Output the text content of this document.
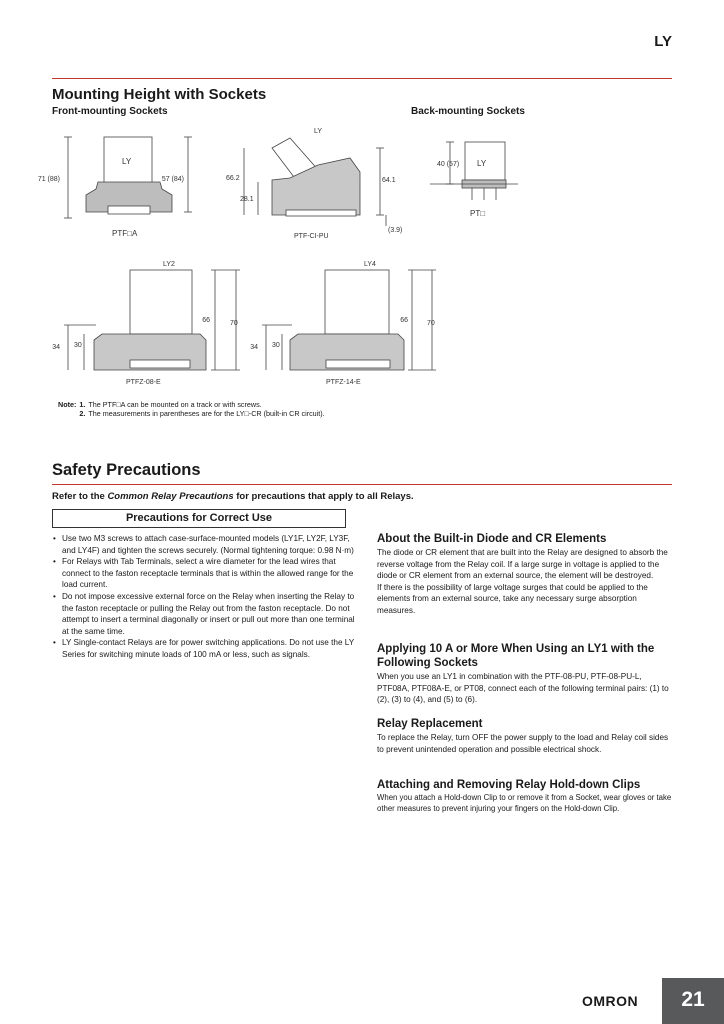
LY
Mounting Height with Sockets
Front-mounting Sockets	Back-mounting Sockets
LY
71 (88)	57 (84)
PTF□A
LY
66.2
28.1
64.1
(3.9)
PTF-CI-PU
LY
40 (57)
PT□
LY2
66	70
34 30
PTFZ-08-E
LY4
66	70
34 30
PTFZ-14-E
Note:	1.	The PTF□A can be mounted on a track or with screws.
	2.	The measurements in parentheses are for the LY□-CR (built-in CR circuit).
Safety Precautions
Refer to the Common Relay Precautions for precautions that apply to all Relays.
Precautions for Correct Use
• Use two M3 screws to attach case-surface-mounted models (LY1F, LY2F, LY3F, and LY4F) and tighten the screws securely. (Normal tightening torque: 0.98 N·m)
• For Relays with Tab Terminals, select a wire diameter for the lead wires that connect to the faston receptacle terminals that is within the allowed range for the load current.
• Do not impose excessive external force on the Relay when inserting the Relay to the faston receptacle or pulling the Relay out from the faston receptacle. Do not attempt to insert a terminal diagonally or insert or pull out more than one terminal at the same time.
• LY Single-contact Relays are for power switching applications. Do not use the LY Series for switching minute loads of 100 mA or less, such as signals.
About the Built-in Diode and CR Elements

The diode or CR element that are built into the Relay are designed to absorb the reverse voltage from the Relay coil. If a large surge in voltage is applied to the diode or CR element from an external source, the element will be destroyed.
If there is the possibility of large voltage surges that could be applied to the elements from an external source, take any necessary surge absorption measures.

Applying 10 A or More When Using an LY1 with the Following Sockets

When you use an LY1 in combination with the PTF-08-PU, PTF-08-PU-L, PTF08A, PTF08A-E, or PT08, connect each of the following terminal pairs: (1) to (2), (3) to (4), and (5) to (6).

Relay Replacement

To replace the Relay, turn OFF the power supply to the load and Relay coil sides to prevent unintended operation and possible electrical shock.

Attaching and Removing Relay Hold-down Clips

When you attach a Hold-down Clip to or remove it from a Socket, wear gloves or take other measures to prevent injuring your fingers on the Hold-down Clip.

OMRON	21
